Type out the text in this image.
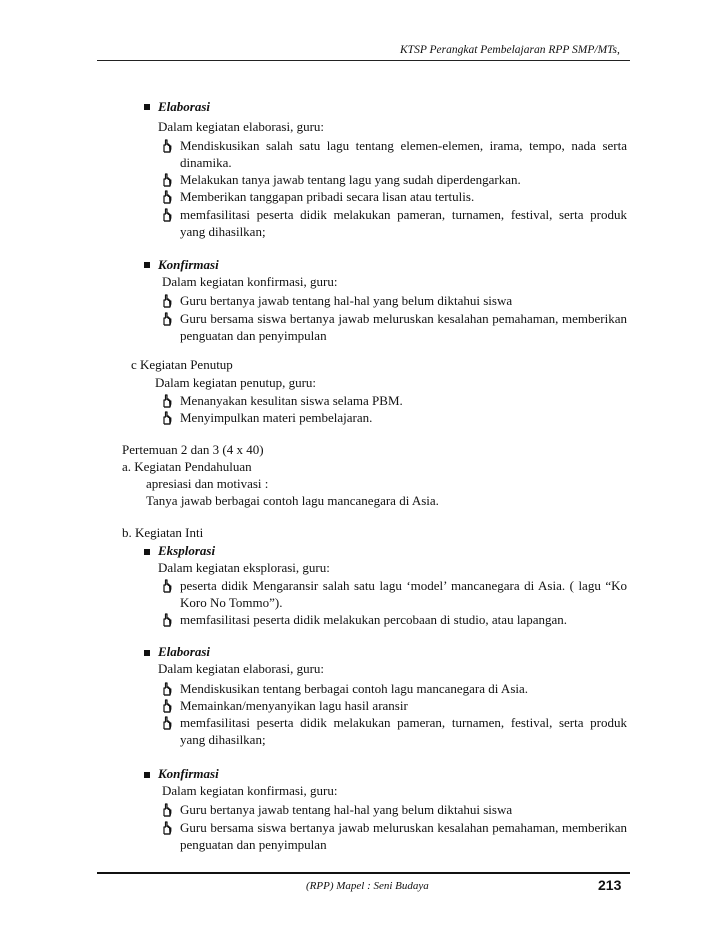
KTSP Perangkat Pembelajaran RPP SMP/MTs,
Elaborasi
Dalam kegiatan elaborasi, guru:
Mendiskusikan salah satu lagu tentang elemen-elemen, irama, tempo, nada serta
dinamika.
Melakukan tanya jawab tentang lagu yang sudah diperdengarkan.
Memberikan tanggapan pribadi secara lisan atau tertulis.
memfasilitasi peserta didik melakukan pameran, turnamen, festival, serta produk
yang dihasilkan;
Konfirmasi
Dalam kegiatan konfirmasi, guru:
Guru bertanya jawab tentang hal-hal yang belum diktahui siswa
Guru bersama siswa bertanya jawab meluruskan kesalahan pemahaman, memberikan
penguatan dan penyimpulan
c Kegiatan Penutup
Dalam kegiatan penutup, guru:
Menanyakan kesulitan siswa selama PBM.
Menyimpulkan materi pembelajaran.
Pertemuan 2 dan 3 (4 x 40)
a. Kegiatan Pendahuluan
apresiasi dan motivasi :
Tanya jawab berbagai contoh lagu mancanegara di Asia.
b. Kegiatan Inti
Eksplorasi
Dalam kegiatan eksplorasi, guru:
peserta didik Mengaransir salah satu lagu ‘model’ mancanegara di Asia. ( lagu “Ko
Koro No Tommo”).
memfasilitasi peserta didik melakukan percobaan di studio, atau lapangan.
Elaborasi
Dalam kegiatan elaborasi, guru:
Mendiskusikan tentang berbagai contoh lagu mancanegara di Asia.
Memainkan/menyanyikan lagu hasil aransir
memfasilitasi peserta didik melakukan pameran, turnamen, festival, serta produk
yang dihasilkan;
Konfirmasi
Dalam kegiatan konfirmasi, guru:
Guru bertanya jawab tentang hal-hal yang belum diktahui siswa
Guru bersama siswa bertanya jawab meluruskan kesalahan pemahaman, memberikan
penguatan dan penyimpulan
(RPP) Mapel : Seni Budaya	213
